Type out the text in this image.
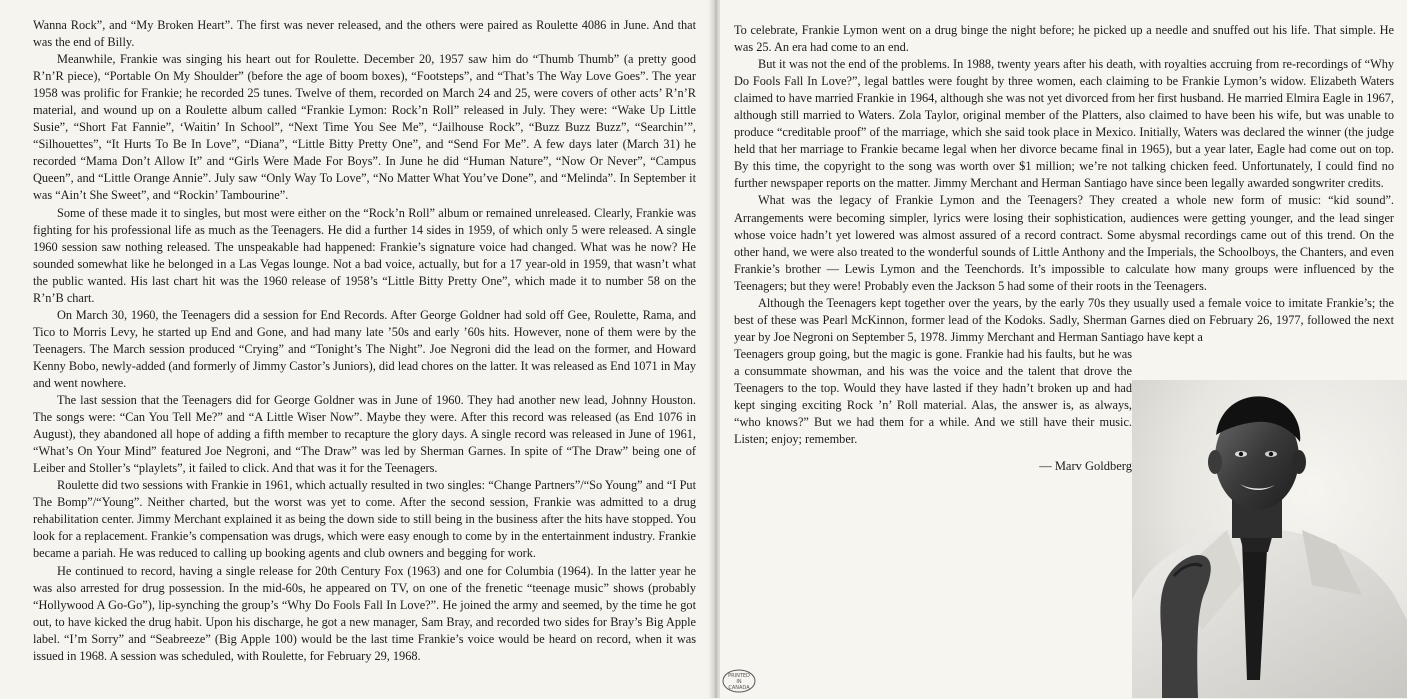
Wanna Rock”, and “My Broken Heart”. The first was never released, and the others were paired as Roulette 4086 in June. And that was the end of Billy.

Meanwhile, Frankie was singing his heart out for Roulette. December 20, 1957 saw him do “Thumb Thumb” (a pretty good R’n’R piece), “Portable On My Shoulder” (before the age of boom boxes), “Footsteps”, and “That’s The Way Love Goes”. The year 1958 was prolific for Frankie; he recorded 25 tunes. Twelve of them, recorded on March 24 and 25, were covers of other acts’ R’n’R material, and wound up on a Roulette album called “Frankie Lymon: Rock’n Roll” released in July. They were: “Wake Up Little Susie”, “Short Fat Fannie”, ‘Waitin’ In School”, “Next Time You See Me”, “Jailhouse Rock”, “Buzz Buzz Buzz”, “Searchin’”, “Silhouettes”, “It Hurts To Be In Love”, “Diana”, “Little Bitty Pretty One”, and “Send For Me”. A few days later (March 31) he recorded “Mama Don’t Allow It” and “Girls Were Made For Boys”. In June he did “Human Nature”, “Now Or Never”, “Campus Queen”, and “Little Orange Annie”. July saw “Only Way To Love”, “No Matter What You’ve Done”, and “Melinda”. In September it was “Ain’t She Sweet”, and “Rockin’ Tambourine”.

Some of these made it to singles, but most were either on the “Rock’n Roll” album or remained unreleased. Clearly, Frankie was fighting for his professional life as much as the Teenagers. He did a further 14 sides in 1959, of which only 5 were released. A single 1960 session saw nothing released. The unspeakable had happened: Frankie’s signature voice had changed. What was he now? He sounded somewhat like he belonged in a Las Vegas lounge. Not a bad voice, actually, but for a 17 year-old in 1959, that wasn’t what the public wanted. His last chart hit was the 1960 release of 1958’s “Little Bitty Pretty One”, which made it to number 58 on the R’n’B chart.

On March 30, 1960, the Teenagers did a session for End Records. After George Goldner had sold off Gee, Roulette, Rama, and Tico to Morris Levy, he started up End and Gone, and had many late ’50s and early ’60s hits. However, none of them were by the Teenagers. The March session produced “Crying” and “Tonight’s The Night”. Joe Negroni did the lead on the former, and Howard Kenny Bobo, newly-added (and formerly of Jimmy Castor’s Juniors), did lead chores on the latter. It was released as End 1071 in May and went nowhere.

The last session that the Teenagers did for George Goldner was in June of 1960. They had another new lead, Johnny Houston. The songs were: “Can You Tell Me?” and “A Little Wiser Now”. Maybe they were. After this record was released (as End 1076 in August), they abandoned all hope of adding a fifth member to recapture the glory days. A single record was released in June of 1961, “What’s On Your Mind” featured Joe Negroni, and “The Draw” was led by Sherman Garnes. In spite of “The Draw” being one of Leiber and Stoller’s “playlets”, it failed to click. And that was it for the Teenagers.

Roulette did two sessions with Frankie in 1961, which actually resulted in two singles: “Change Partners”/“So Young” and “I Put The Bomp”/“Young”. Neither charted, but the worst was yet to come. After the second session, Frankie was admitted to a drug rehabilitation center. Jimmy Merchant explained it as being the down side to still being in the business after the hits have stopped. You look for a replacement. Frankie’s compensation was drugs, which were easy enough to come by in the entertainment industry. Frankie became a pariah. He was reduced to calling up booking agents and club owners and begging for work.

He continued to record, having a single release for 20th Century Fox (1963) and one for Columbia (1964). In the latter year he was also arrested for drug possession. In the mid-60s, he appeared on TV, on one of the frenetic “teenage music” shows (probably “Hollywood A Go-Go”), lip-synching the group’s “Why Do Fools Fall In Love?”. He joined the army and seemed, by the time he got out, to have kicked the drug habit. Upon his discharge, he got a new manager, Sam Bray, and recorded two sides for Bray’s Big Apple label. “I’m Sorry” and “Seabreeze” (Big Apple 100) would be the last time Frankie’s voice would be heard on record, when it was issued in 1968. A session was scheduled, with Roulette, for February 29, 1968.

To celebrate, Frankie Lymon went on a drug binge the night before; he picked up a needle and snuffed out his life. That simple. He was 25. An era had come to an end.

But it was not the end of the problems. In 1988, twenty years after his death, with royalties accruing from re-recordings of “Why Do Fools Fall In Love?”, legal battles were fought by three women, each claiming to be Frankie Lymon’s widow. Elizabeth Waters claimed to have married Frankie in 1964, although she was not yet divorced from her first husband. He married Elmira Eagle in 1967, although still married to Waters. Zola Taylor, original member of the Platters, also claimed to have been his wife, but was unable to produce “creditable proof” of the marriage, which she said took place in Mexico. Initially, Waters was declared the winner (the judge held that her marriage to Frankie became legal when her divorce became final in 1965), but a year later, Eagle had come out on top. By this time, the copyright to the song was worth over $1 million; we’re not talking chicken feed. Unfortunately, I could find no further newspaper reports on the matter. Jimmy Merchant and Herman Santiago have since been legally awarded songwriter credits.

What was the legacy of Frankie Lymon and the Teenagers? They created a whole new form of music: “kid sound”. Arrangements were becoming simpler, lyrics were losing their sophistication, audiences were getting younger, and the lead singer whose voice hadn’t yet lowered was almost assured of a record contract. Some abysmal recordings came out of this trend. On the other hand, we were also treated to the wonderful sounds of Little Anthony and the Imperials, the Schoolboys, the Chanters, and even Frankie’s brother — Lewis Lymon and the Teenchords. It’s impossible to calculate how many groups were influenced by the Teenagers; but they were! Probably even the Jackson 5 had some of their roots in the Teenagers.

Although the Teenagers kept together over the years, by the early 70s they usually used a female voice to imitate Frankie’s; the best of these was Pearl McKinnon, former lead of the Kodoks. Sadly, Sherman Garnes died on February 26, 1977, followed the next year by Joe Negroni on September 5, 1978. Jimmy Merchant and Herman Santiago have kept a

Teenagers group going, but the magic is gone. Frankie had his faults, but he was a consummate showman, and his was the voice and the talent that drove the Teenagers to the top. Would they have lasted if they hadn’t broken up and had kept singing exciting Rock ’n’ Roll material. Alas, the answer is, as always, “who knows?” But we had them for a while. And we still have their music. Listen; enjoy; remember.

— Marv Goldberg
PRINTED
IN
CANADA
